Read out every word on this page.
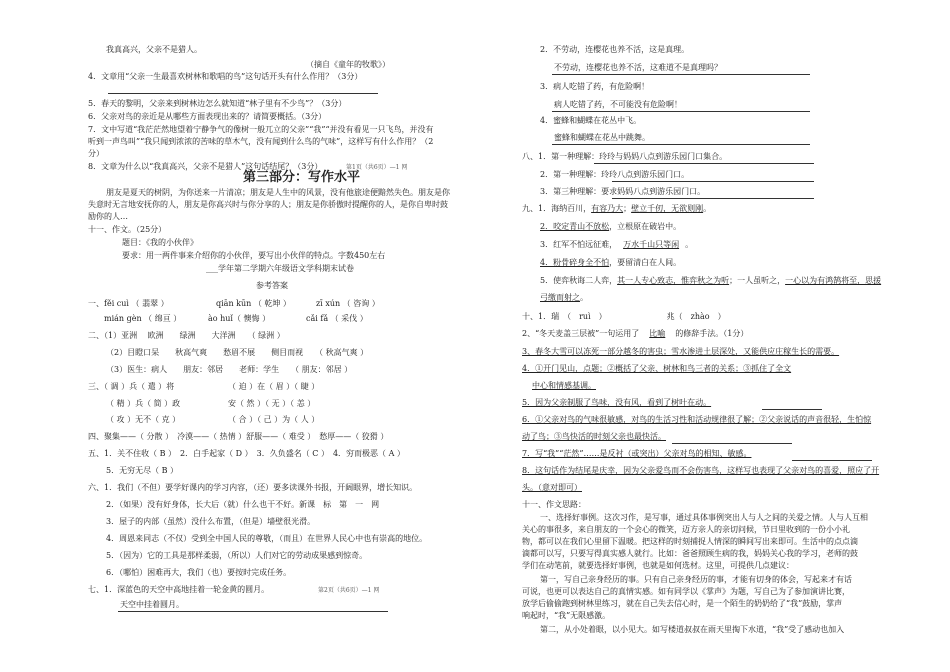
我真高兴，父亲不是猎人。
（摘自《童年的牧歌》）
4．文章用“父亲一生最喜欢树林和歌唱的鸟”这句话开头有什么作用？（3分）
5．春天的黎明，父亲来到树林边怎么就知道“林子里有不少鸟”？（3分）
6．父亲对鸟的亲近是从哪些方面表现出来的？请简要概括。（3分）
7．文中写道“我茫茫然地望着宁静争气的像树一般兀立的父亲”“我”“并没有看见一只飞鸟，并没有
听到一声鸟叫”“我只闻到浓浓的苦味的草木气，没有闻到什么鸟的气味”，这样写有什么作用？（2
分）
8．文章为什么以“我真高兴，父亲不是猎人”这句话结尾？（3分）	第1页（共6页）—1 网
第三部分：写作水平
朋友是夏天的树阴，为你送来一片清凉；朋友是人生中的风景，没有他旅途便黯然失色。朋友是你
失意时无言地安抚你的人，朋友是你高兴时与你分享的人；朋友是你骄傲时提醒你的人，是你自卑时鼓
励你的人…
十一、作文。（25分）
题目：《我的小伙伴》
要求：用一两件事来介绍你的小伙伴，要写出小伙伴的特点。字数450左右
___学年第二学期六年级语文学科期末试卷
参考答案
一、fěi cuì （ 翡翠 ）	qiān kūn （ 乾坤 ）	zī xún （ 咨询 ）
mián gèn （ 绵亘 ）	ào huǐ（ 懊悔 ）	cǎi fǎ （ 采伐 ）
二、（1）亚洲　 欧洲　　绿洲　　大洋洲　　（ 绿洲 ）
（2）目瞪口呆　　秋高气爽　　愁眉不展　　侧目而视　　（ 秋高气爽 ）
（3）医生：病人　　朋友：邻居　　老师：学生　　（ 朋友：邻居 ）
三、（ 调 ）兵（ 遣 ）将	（ 迫 ）在（ 眉 ）（ 睫 ）
（ 精 ）兵（ 简 ）政	安（ 然 ）（ 无 ）（ 恙 ）
（ 攻 ）无不（ 克 ）	（ 合 ）（ 己 ）为（ 人 ）
四、聚集——（ 分散 ）　冷漠——（ 热情 ）舒服——（ 难受 ）　愁厚——（ 狡猾 ）
五、1．关不住收（ B ）　2．白手起家（ D ）　3．久负盛名（ C ）　4．穷而极恶（ A ）
5．无穷无尽（ B ）
六、1．我们（不但）要学好课内的学习内容，（还）要多读课外书报，开阔眼界，增长知识。
2．（如果）没有好身体，长大后（就）什么也干不好。新课　标　第　一　网
3．屋子的内部（虽然）没什么布置，（但是）墙壁很光滑。
4．周恩来同志（不仅）受到全中国人民的尊敬，（而且）在世界人民心中也有崇高的地位。
5．（因为）它的工具是那样柔弱，（所以）人们对它的劳动成果感到惊奇。
6．（哪怕）困难再大，我们（也）要按时完成任务。
七、1．深蓝色的天空中高地挂着一轮金黄的圆月。	第2页（共6页）—1 网
天空中挂着圆月。
2．不劳动，连樱花也养不活，这是真理。
不劳动，连樱花也养不活，这难道不是真理吗？
3．病人吃错了药，有危险啊！
病人吃错了药，不可能没有危险啊！
4．蜜蜂和蝴蝶在花丛中飞。
蜜蜂和蝴蝶在花丛中跳舞。
八、1．第一种理解：玲玲与妈妈八点到游乐园门口集合。
2．第一种理解：玲玲八点到游乐园门口。
3．第三种理解：要求妈妈八点到游乐园门口。
九、1．海纳百川，有容乃大；壁立千仞，无欲则刚。
2．咬定青山不放松，立根原在破岩中。
3．红军不怕远征难， 万水千山只等闲 。
4．粉骨碎身全不怕，要留清白在人间。
5．使弈秋诲二人弈，其一人专心致志，惟弈秋之为听；一人虽听之，一心以为有鸿鹄将至，思援
弓缴而射之。
十、1．瑞　（　ruì　）　　　　　　　　兆（　zhào　）
2、“冬天麦盖三层被”一句运用了 比喻 的修辞手法。（1分）
3、春冬大雪可以冻死一部分越冬的害虫；雪水渗进土层深处，又能供应庄稼生长的需要。
4．①开门见山，点题；②概括了父亲、树林和鸟三者的关系；③抓住了全文
中心和情感基调。
5．因为父亲制服了鸟味，没有风，看到了树叶在动。
6．①父亲对鸟的气味很敏感，对鸟的生活习性和活动规律很了解；②父亲说话的声音很轻，生怕惊
动了鸟；③鸟快活的时刻父亲也最快活。
7．写“我”“茫然”……是反衬（或突出）父亲对鸟的相知、敏感。
8．这句话作为结尾是庆幸，因为父亲爱鸟而不会伤害鸟，这样写也表现了父亲对鸟的喜爱，照应了开
头。（意对即可）
十一、作文思路：
一、选择好事例。这次习作，是写事，通过具体事例突出人与人之间的关爱之情。人与人互相
关心的事很多，来自朋友的一个会心的微笑，迈方亲人的亲切问候，节日里收到的一份小小礼
物，都可以在我们心里留下温暖。把这样的时刻捕捉人情深的瞬间写出来即可。生活中的点点滴
滴都可以写，只要写得真实感人就行。比如：爸爸照顾生病的我，妈妈关心我的学习，老师的鼓
学们在动笔前，就要选择好事例，也就是如何选材。这里，可提供几点建议：
第一，写自己亲身经历的事。只有自己亲身经历的事，才能有切身的体会，写起来才有话
可说，也更可以表达自己的真情实感。如有同学以《掌声》为题，写自己为了参加演讲比赛，
放学后偷偷跑到树林里练习，就在自己失去信心时，是一个陌生的奶奶给了“我”鼓励，掌声
响起时，“我”无限感激。
第二，从小处着眼，以小见大。如写楼道叔叔在雨天里掏下水道，“我”受了感动也加入
